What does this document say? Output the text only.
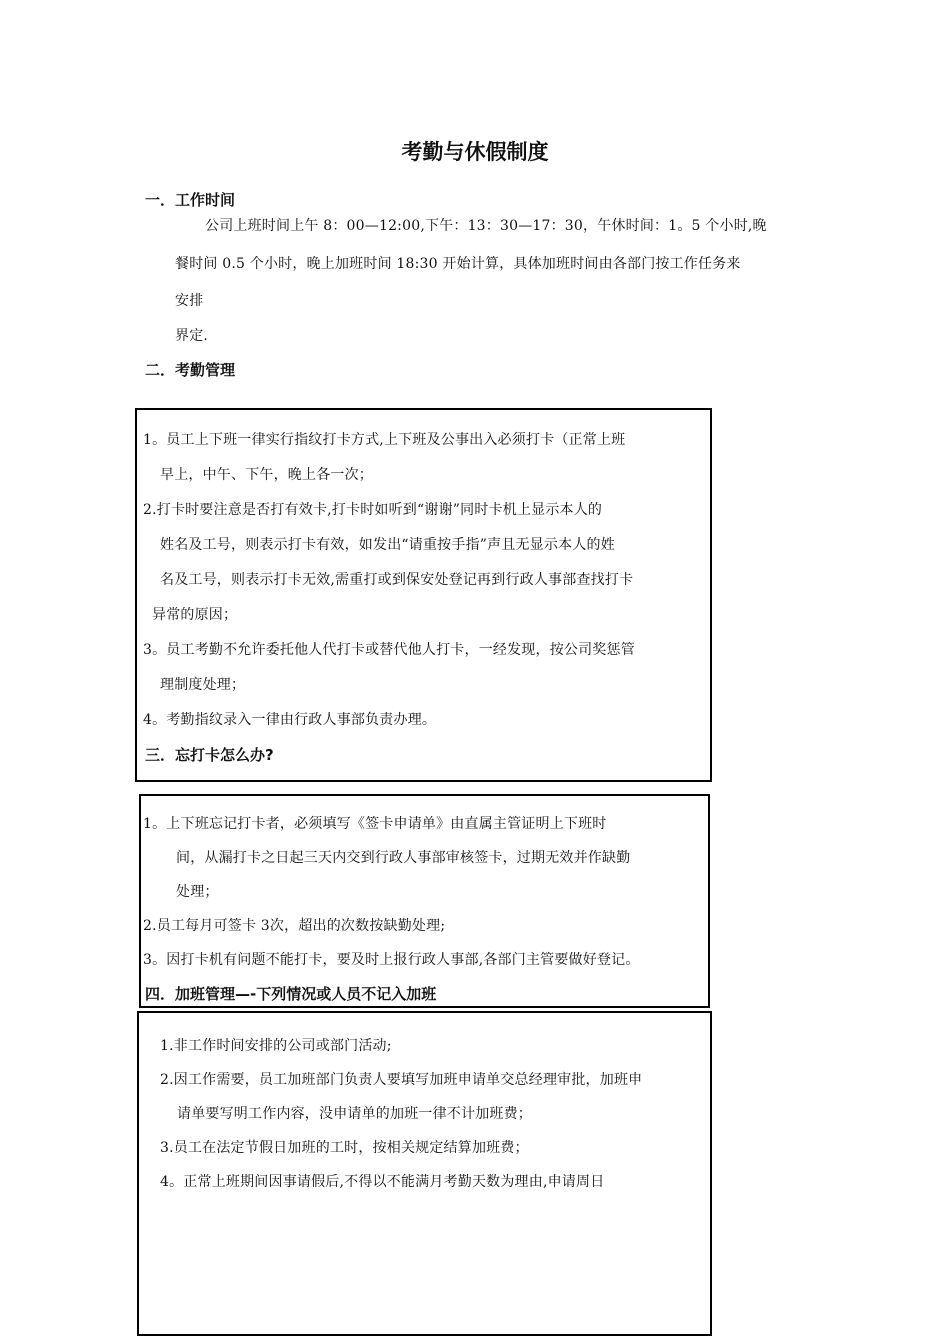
考勤与休假制度
一．工作时间
公司上班时间上午 8：00—12:00,下午：13：30—17：30，午休时间：1。5 个小时,晚
餐时间 0.5 个小时，晚上加班时间 18:30 开始计算，具体加班时间由各部门按工作任务来
安排
界定.
二．考勤管理
1。员工上下班一律实行指纹打卡方式,上下班及公事出入必须打卡（正常上班
早上，中午、下午，晚上各一次；
2.打卡时要注意是否打有效卡,打卡时如听到“谢谢”同时卡机上显示本人的
姓名及工号，则表示打卡有效，如发出“请重按手指”声且无显示本人的姓
名及工号，则表示打卡无效,需重打或到保安处登记再到行政人事部查找打卡
异常的原因；
3。员工考勤不允许委托他人代打卡或替代他人打卡，一经发现，按公司奖惩管
理制度处理；
4。考勤指纹录入一律由行政人事部负责办理。
三．忘打卡怎么办?
1。上下班忘记打卡者，必须填写《签卡申请单》由直属主管证明上下班时
间，从漏打卡之日起三天内交到行政人事部审核签卡，过期无效并作缺勤
处理；
2.员工每月可签卡 3次，超出的次数按缺勤处理;
3。因打卡机有问题不能打卡，要及时上报行政人事部,各部门主管要做好登记。
四．加班管理—-下列情况或人员不记入加班
1.非工作时间安排的公司或部门活动;
2.因工作需要，员工加班部门负责人要填写加班申请单交总经理审批，加班申
请单要写明工作内容，没申请单的加班一律不计加班费；
3.员工在法定节假日加班的工时，按相关规定结算加班费；
4。正常上班期间因事请假后,不得以不能满月考勤天数为理由,申请周日
